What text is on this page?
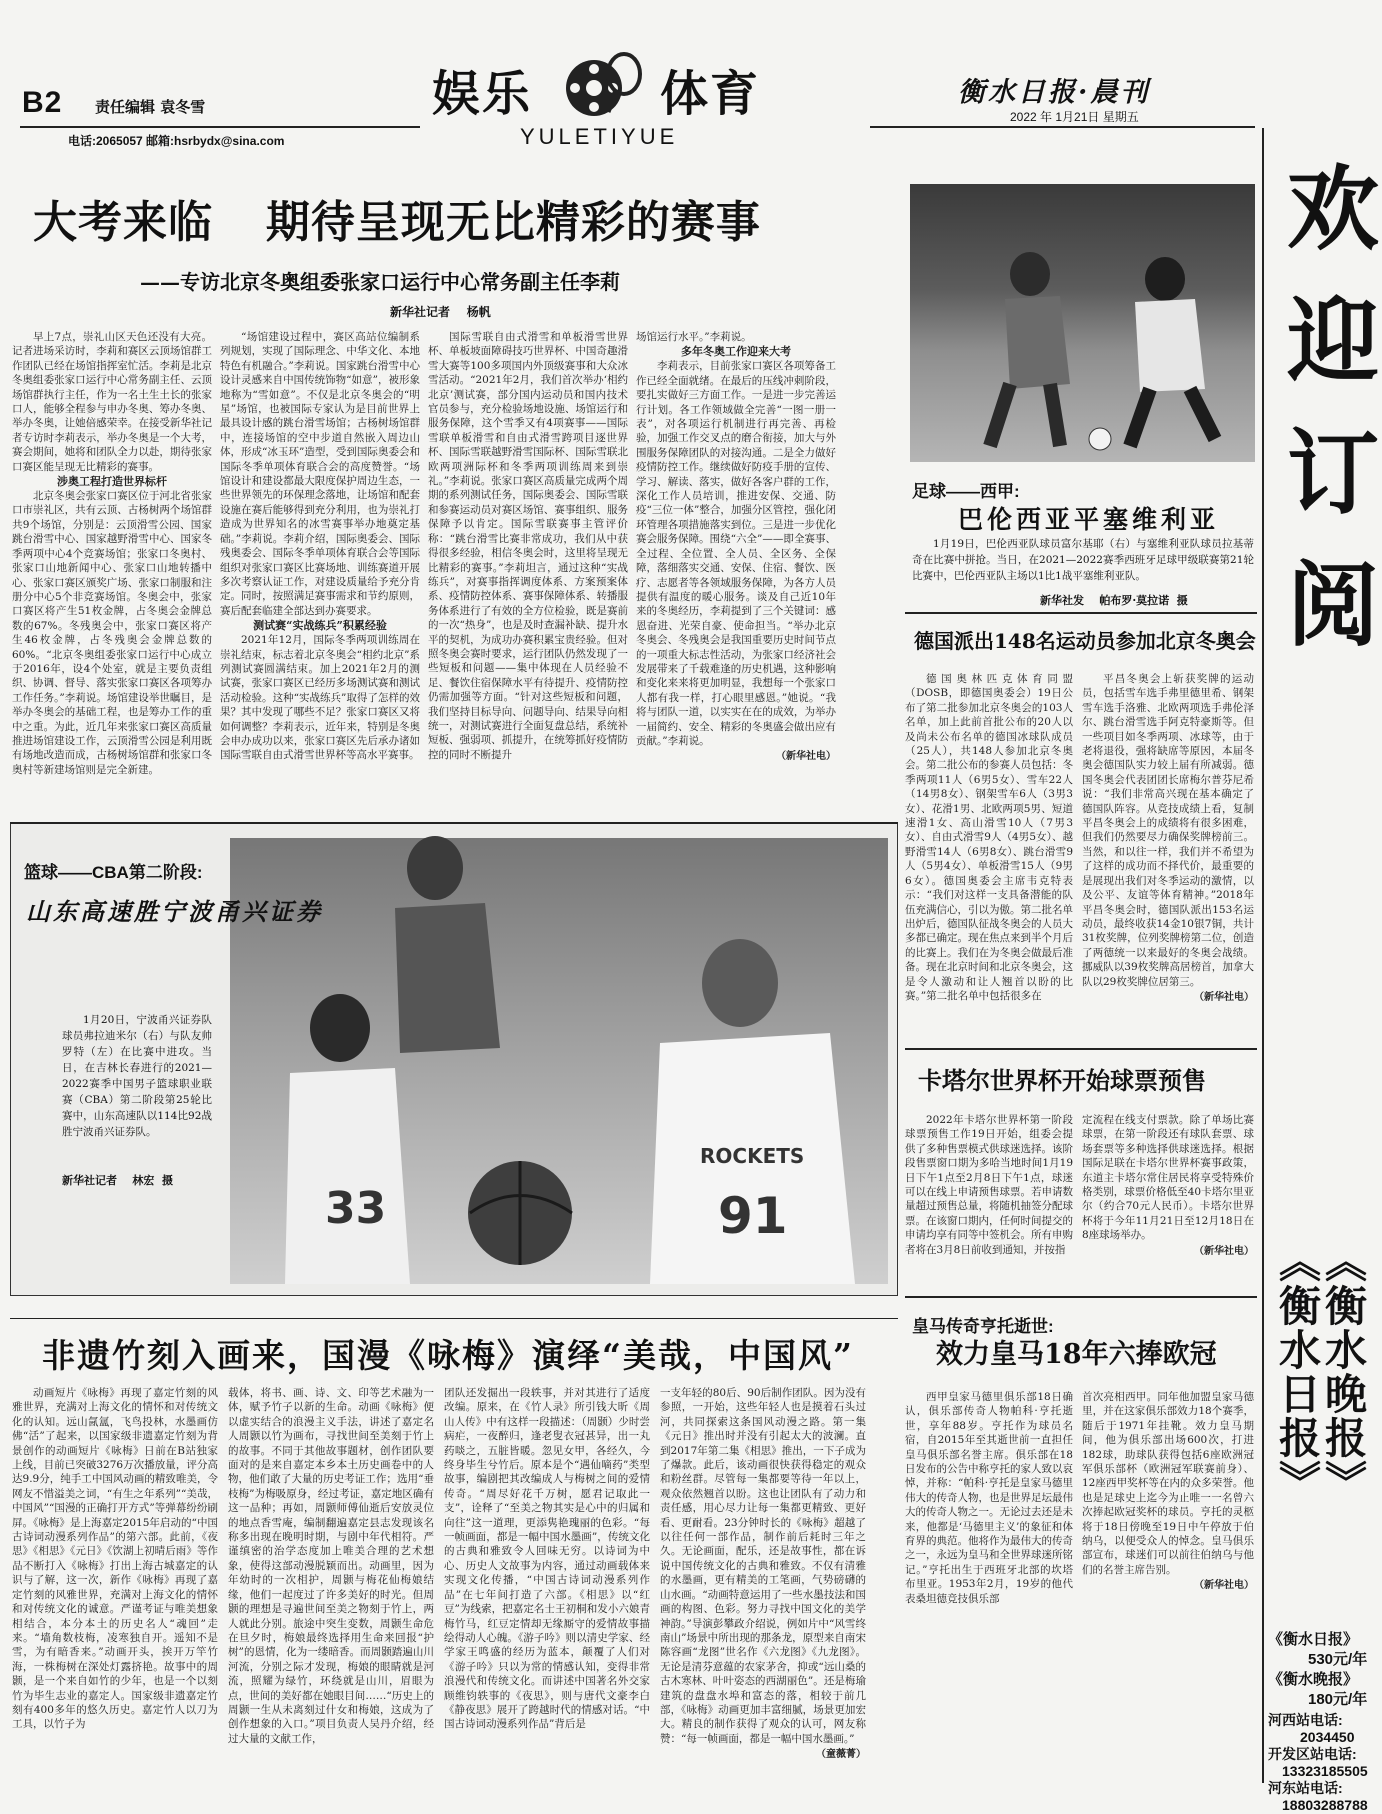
B2 责任编辑 袁冬雪
电话:2065057 邮箱:hsrbydx@sina.com
娱乐	体育
YULETIYUE
衡水日报·晨刊
2022 年 1月21日 星期五
大考来临    期待呈现无比精彩的赛事
——专访北京冬奥组委张家口运行中心常务副主任李莉
新华社记者    杨帆

早上7点，崇礼山区天色还没有大亮。记者进场采访时，李莉和赛区云顶场馆群工作团队已经在场馆指挥室忙活。李莉是北京冬奥组委张家口运行中心常务副主任、云顶场馆群执行主任，作为一名土生土长的张家口人，能够全程参与申办冬奥、筹办冬奥、举办冬奥，让她倍感荣幸。在接受新华社记者专访时李莉表示，举办冬奥是一个大考，赛会期间，她将和团队全力以赴，期待张家口赛区能呈现无比精彩的赛事。

涉奥工程打造世界标杆

北京冬奥会张家口赛区位于河北省张家口市崇礼区，共有云顶、古杨树两个场馆群共9个场馆，分别是：云顶滑雪公园、国家跳台滑雪中心、国家越野滑雪中心、国家冬季两项中心4个竞赛场馆；张家口冬奥村、张家口山地新闻中心、张家口山地转播中心、张家口赛区颁奖广场、张家口制服和注册分中心5个非竞赛场馆。冬奥会中，张家口赛区将产生51枚金牌，占冬奥会金牌总数的67%。冬残奥会中，张家口赛区将产生46枚金牌，占冬残奥会金牌总数的60%。“北京冬奥组委张家口运行中心成立于2016年，设4个处室，就是主要负责组织、协调、督导、落实张家口赛区各项筹办工作任务。”李莉说。场馆建设举世瞩目，是举办冬奥会的基础工程，也是筹办工作的重中之重。为此，近几年来张家口赛区高质量推进场馆建设工作，云顶滑雪公园是利用既有场地改造而成，古杨树场馆群和张家口冬奥村等新建场馆则是完全新建。

“场馆建设过程中，赛区高站位编制系列规划，实现了国际理念、中华文化、本地特色有机融合。”李莉说。国家跳台滑雪中心设计灵感来自中国传统饰物“如意”，被形象地称为“雪如意”。不仅是北京冬奥会的“明星”场馆，也被国际专家认为是目前世界上最具设计感的跳台滑雪场馆；古杨树场馆群中，连接场馆的空中步道自然嵌入周边山体，形成“冰玉环”造型，受到国际奥委会和国际冬季单项体育联合会的高度赞誉。“场馆设计和建设都最大限度保护周边生态，一些世界领先的环保理念落地，让场馆和配套设施在赛后能够得到充分利用，也为崇礼打造成为世界知名的冰雪赛事举办地奠定基础。”李莉说。李莉介绍，国际奥委会、国际残奥委会、国际冬季单项体育联合会等国际组织对张家口赛区比赛场地、训练赛道开展多次考察认证工作，对建设质量给予充分肯定。同时，按照满足赛事需求和节约原则，赛后配套临建全部达到办赛要求。

测试赛“实战练兵”积累经验

2021年12月，国际冬季两项训练周在崇礼结束，标志着北京冬奥会“相约北京”系列测试赛圆满结束。加上2021年2月的测试赛，张家口赛区已经历多场测试赛和测试活动检验。这种“实战练兵”取得了怎样的效果？其中发现了哪些不足？张家口赛区又将如何调整？李莉表示，近年来，特别是冬奥会申办成功以来，张家口赛区先后承办诸如国际雪联自由式滑雪世界杯等高水平赛事。

国际雪联自由式滑雪和单板滑雪世界杯、单板坡面障碍技巧世界杯、中国奇趣滑雪大赛等100多项国内外顶级赛事和大众冰雪活动。“2021年2月，我们首次举办‘相约北京’测试赛，部分国内运动员和国内技术官员参与，充分检验场地设施、场馆运行和服务保障，这个雪季又有4项赛事——国际雪联单板滑雪和自由式滑雪跨项目逐世界杯、国际雪联越野滑雪国际杯、国际雪联北欧两项洲际杯和冬季两项训练周来到崇礼。”李莉说。张家口赛区高质量完成两个周期的系列测试任务，国际奥委会、国际雪联和参赛运动员对赛区场馆、赛事组织、服务保障予以肯定。国际雪联赛事主管评价称：“跳台滑雪比赛非常成功，我们从中获得很多经验，相信冬奥会时，这里将呈现无比精彩的赛事。”李莉坦言，通过这种“实战练兵”，对赛事指挥调度体系、方案预案体系、疫情防控体系、赛事保障体系、转播服务体系进行了有效的全方位检验，既是赛前的一次“热身”，也是及时查漏补缺、提升水平的契机，为成功办赛积累宝贵经验。但对照冬奥会赛时要求，运行团队仍然发现了一些短板和问题——集中体现在人员经验不足、餐饮住宿保障水平有待提升、疫情防控仍需加强等方面。“针对这些短板和问题，我们坚持目标导向、问题导向、结果导向相统一，对测试赛进行全面复盘总结，系统补短板、强弱项、抓提升，在统筹抓好疫情防控的同时不断提升

场馆运行水平。”李莉说。

多年冬奥工作迎来大考

李莉表示，目前张家口赛区各项筹备工作已经全面就绪。在最后的压线冲刺阶段，要扎实做好三方面工作。一是进一步完善运行计划。各工作领域做全完善“一图一册一表”，对各项运行机制进行再完善、再检验，加强工作交叉点的磨合衔接，加大与外围服务保障团队的对接沟通。二是全力做好疫情防控工作。继续做好防疫手册的宣传、学习、解读、落实，做好各客户群的工作，深化工作人员培训，推进安保、交通、防疫“三位一体”整合，加强分区管控，强化闭环管理各项措施落实到位。三是进一步优化赛会服务保障。围绕“六全”——即全赛事、全过程、全位置、全人员、全区务、全保障，落细落实交通、安保、住宿、餐饮、医疗、志愿者等各领域服务保障，为各方人员提供有温度的暖心服务。谈及自己近10年来的冬奥经历，李莉提到了三个关键词：感恩奋进、光荣自豪、使命担当。“举办北京冬奥会、冬残奥会是我国重要历史时间节点的一项重大标志性活动，为张家口经济社会发展带来了千载难逢的历史机遇，这种影响和变化来来将更加明显，我想每一个张家口人都有我一样，打心眼里感恩。”她说。“我将与团队一道，以实实在在的成效，为举办一届简约、安全、精彩的冬奥盛会做出应有贡献。”李莉说。

（新华社电）
足球——西甲:
巴伦西亚平塞维利亚
1月19日，巴伦西亚队球员富尔基耶（右）与塞维利亚队球员拉基蒂奇在比赛中拼抢。当日，在2021—2022赛季西班牙足球甲级联赛第21轮比赛中，巴伦西亚队主场以1比1战平塞维利亚队。
新华社发    帕布罗·莫拉诺  摄
德国派出148名运动员参加北京冬奥会

德国奥林匹克体育同盟（DOSB，即德国奥委会）19日公布了第二批参加北京冬奥会的103人名单，加上此前首批公布的20人以及尚未公布名单的德国冰球队成员（25人），共148人参加北京冬奥会。第二批公布的参赛人员包括：冬季两项11人（6男5女）、雪车22人（14男8女）、钢架雪车6人（3男3女）、花滑1男、北欧两项5男、短道速滑1女、高山滑雪10人（7男3女）、自由式滑雪9人（4男5女）、越野滑雪14人（6男8女）、跳台滑雪9人（5男4女）、单板滑雪15人（9男6女）。德国奥委会主席韦克特表示：“我们对这样一支具备潜能的队伍充满信心，引以为傲。第二批名单出炉后，德国队征战冬奥会的人员大多都已确定。现在焦点来到半个月后的比赛上。我们在为冬奥会做最后准备。现在北京时间和北京冬奥会，这是令人激动和让人翘首以盼的比赛。”第二批名单中包括很多在

平昌冬奥会上斩获奖牌的运动员，包括雪车选手弗里德里希、钢架雪车选手洛雅、北欧两项选手弗伦泽尔、跳台滑雪选手阿克特豪斯等。但一些项目如冬季两项、冰球等，由于老将退役，强将缺席等原因，本届冬奥会德国队实力较上届有所减弱。德国冬奥会代表团团长席梅尔普芬尼希说：“我们非常高兴现在基本确定了德国队阵容。从竞技成绩上看，复制平昌冬奥会上的成绩将有很多困难，但我们仍然要尽力确保奖牌榜前三。当然，和以往一样，我们并不希望为了这样的成功而不择代价，最重要的是展现出我们对冬季运动的激情，以及公平、友谊等体育精神。”2018年平昌冬奥会时，德国队派出153名运动员，最终收获14金10银7铜，共计31枚奖牌，位列奖牌榜第二位，创造了两德统一以来最好的冬奥会战绩。挪威队以39枚奖牌高居榜首，加拿大队以29枚奖牌位居第三。

（新华社电）
33
ROCKETS
91
篮球——CBA第二阶段:
山东高速胜宁波甬兴证券
1月20日，宁波甬兴证券队球员弗拉迪米尔（右）与队友帅罗特（左）在比赛中进攻。当日，在吉林长春进行的2021—2022赛季中国男子篮球职业联赛（CBA）第二阶段第25轮比赛中，山东高速队以114比92战胜宁波甬兴证券队。
新华社记者    林宏  摄
卡塔尔世界杯开始球票预售

2022年卡塔尔世界杯第一阶段球票预售工作19日开始，组委会提供了多种售票模式供球迷选择。该阶段售票窗口期为多哈当地时间1月19日下午1点至2月8日下午1点，球迷可以在线上申请预售球票。若申请数量超过预售总量，将随机抽签分配球票。在该窗口期内，任何时间提交的申请均享有同等中签机会。所有申购者将在3月8日前收到通知，并按指

定流程在线支付票款。除了单场比赛球票，在第一阶段还有球队套票、球场套票等多种选择供球迷选择。根据国际足联在卡塔尔世界杯赛事政策，东道主卡塔尔常住居民将享受特殊价格类别，球票价格低至40卡塔尔里亚尔（约合70元人民币）。卡塔尔世界杯将于今年11月21日至12月18日在8座球场举办。

（新华社电）
非遗竹刻入画来，国漫《咏梅》演绎“美哉，中国风”

动画短片《咏梅》再现了嘉定竹刻的风雅世界，充满对上海文化的情怀和对传统文化的认知。远山氤氲，飞鸟投林，水墨画仿佛“活”了起来，以国家级非遗嘉定竹刻为背景创作的动画短片《咏梅》日前在B站独家上线，目前已突破3276万次播放量，评分高达9.9分，纯手工中国风动画的精致唯美，令网友不惜溢美之词，“有生之年系列”“美哉，中国风”“国漫的正确打开方式”等弹幕纷纷刷屏。《咏梅》是上海嘉定2015年启动的“中国古诗词动漫系列作品”的第六部。此前，《夜思》《相思》《元日》《饮湖上初晴后雨》等作品不断打入《咏梅》打出上海古城嘉定的认识与了解，这一次，新作《咏梅》再现了嘉定竹刻的风雅世界，充满对上海文化的情怀和对传统文化的诚意。严谨考证与唯美想象相结合，本分本土的历史名人“魂回”走来。“墙角数枝梅，凌寒独自开。遥知不是雪，为有暗香来。”动画开头，挨开万竿竹海，一株梅树在深处灯露挤艳。故事中的周颢，是一个来自如竹的少年，也是一个以刻竹为毕生志业的嘉定人。国家级非遗嘉定竹刻有400多年的悠久历史。嘉定竹人以刀为工具，以竹子为

载体，将书、画、诗、文、印等艺术融为一体，赋予竹子以新的生命。动画《咏梅》便以虚实结合的浪漫主义手法，讲述了嘉定名人周颢以竹为画布，寻找世间至美刻于竹上的故事。不同于其他故事题材，创作团队要面对的是来自嘉定本乡本土历史画卷中的人物，他们敢了大量的历史考证工作；选用“垂枝梅”为梅吸原身，经过考证，嘉定地区确有这一品种；再如，周颢师傅仙逝后安放灵位的地点香雪庵，编制翻遍嘉定县志发现该名称多出现在晚明时期，与剧中年代相符。严谨缜密的治学态度加上唯美合理的艺术想象，使得这部动漫脱颖而出。动画里，因为年幼时的一次相护，周颢与梅花仙梅娘结缘，他们一起度过了许多美好的时光。但周颢的理想是寻遍世间至美之物刻于竹上，两人就此分别。旅途中突生变数，周颢生命危在旦夕时，梅娘最终选择用生命来回报“护树”的恩情，化为一缕暗香。而周颢踏遍山川河流，分别之际才发现，梅娘的眼睛就是河流，照耀为绿竹，环绕就是山川，眉眼为点，世间的美好都在她眼目间……“历史上的周颢一生从未离刻过什女和梅娘，这成为了创作想象的入口。”项目负责人吴丹介绍，经过大量的文献工作，

团队还发掘出一段轶事，并对其进行了适度改编。原来，在《竹人录》所引钱大昕《周山人传》中有这样一段描述：（周颢）少时尝病疟，一夜醉归，逢老叟衣冠甚异，出一丸药啖之，五脏皆暖。忽见女甲，各经久，今终身毕生兮竹后。原本是个“遇仙嘀药”类型故事，编剧把其改编成人与梅树之间的爱情传奇。“周尽好花千万树，愿君记取此一支”，诠释了“至美之物其实是心中的归属和向往”这一道理，更添隽艳瑰丽的色彩。“每一帧画面，都是一幅中国水墨画”，传统文化的古典和雅致令人回味无穷。以诗词为中心、历史人文故事为内容，通过动画载体来实现文化传播，“中国古诗词动漫系列作品”在七年间打造了六部。《相思》以“红豆”为线索，把嘉定名士王初桐和发小六娘青梅竹马，红豆定情却无缘厮守的爱情故事描绘得动人心魄。《游子吟》则以清史学家、经学家王鸣盛的经历为蓝本，颠覆了人们对《游子吟》只以为常的情感认知，变得非常浪漫代和传统文化。而讲述中国著名外交家顾维钧轶事的《夜思》，则与唐代文豪李白《静夜思》展开了跨越时代的情感对话。“中国古诗词动漫系列作品”背后是

一支年轻的80后、90后制作团队。因为没有参照，一开始，这些年轻人也是摸着石头过河，共同探索这条国风动漫之路。第一集《元日》推出时并没有引起太大的波澜。直到2017年第二集《相思》推出，一下子成为了爆款。此后，该动画很快获得稳定的观众和粉丝群。尽管每一集都要等待一年以上，观众依然翘首以盼。这也让团队有了动力和责任感，用心尽力让每一集都更精致、更好看、更耐看。23分钟时长的《咏梅》超越了以往任何一部作品，制作前后耗时三年之久。无论画面，配乐，还是故事性，都在诉说中国传统文化的古典和雅致。不仅有清雅的水墨画，更有精美的工笔画，气势磅礴的山水画。“动画特意运用了一些水墨技法和国画的构图、色彩。努力寻找中国文化的美学神韵。”导演彭攀政介绍说，例如片中“风雪终南山”场景中所出现的那条龙，原型来自南宋陈容画“龙图”世名作《六龙图》《九龙图》。无论是清芬意蕴的农家茅舍，抑或“远山桑的古木寒林、叶叶姿态的西湖丽色”。还是梅瑜建筑的盘盘水埠和富态的落，相较于前几部，《咏梅》动画更加丰富细腻，场景更加宏大。精良的制作获得了观众的认可，网友称赞：“每一帧画面，都是一幅中国水墨画。”

（童薇菁）
皇马传奇亨托逝世:
效力皇马18年六捧欧冠

西甲皇家马德里俱乐部18日确认，俱乐部传奇人物帕科·亨托逝世，享年88岁。亨托作为球员名宿，自2015年至其逝世前一直担任皇马俱乐部名誉主席。俱乐部在18日发布的公告中称亨托的家人致以哀悼，并称：“帕科·亨托是皇家马德里伟大的传奇人物，也是世界足坛最伟大的传奇人物之一。无论过去还是未来，他都是‘马德里主义’的象征和体育界的典范。他将作为最伟大的传奇之一，永远为皇马和全世界球迷所铭记。”亨托出生于西班牙北部的坎塔布里亚。1953年2月，19岁的他代表桑坦德竞技俱乐部

首次亮相西甲。同年他加盟皇家马德里，并在这家俱乐部效力18个赛季，随后于1971年挂靴。效力皇马期间，他为俱乐部出场600次，打进182球，助球队获得包括6座欧洲冠军俱乐部杯（欧洲冠军联赛前身）、12座西甲奖杯等在内的众多荣誉。他也是足球史上迄今为止唯一一名曾六次捧起欧冠奖杯的球员。亨托的灵柩将于18日傍晚至19日中午停放于伯纳乌，以便受众人的悼念。皇马俱乐部宣布，球迷们可以前往伯纳乌与他们的名誉主席告别。

（新华社电）
欢迎订阅
《衡水晚报》
《衡水日报》
《衡水日报》
530元/年
《衡水晚报》
180元/年
河西站电话:
2034450
开发区站电话:
13323185505
河东站电话:
18803288788
